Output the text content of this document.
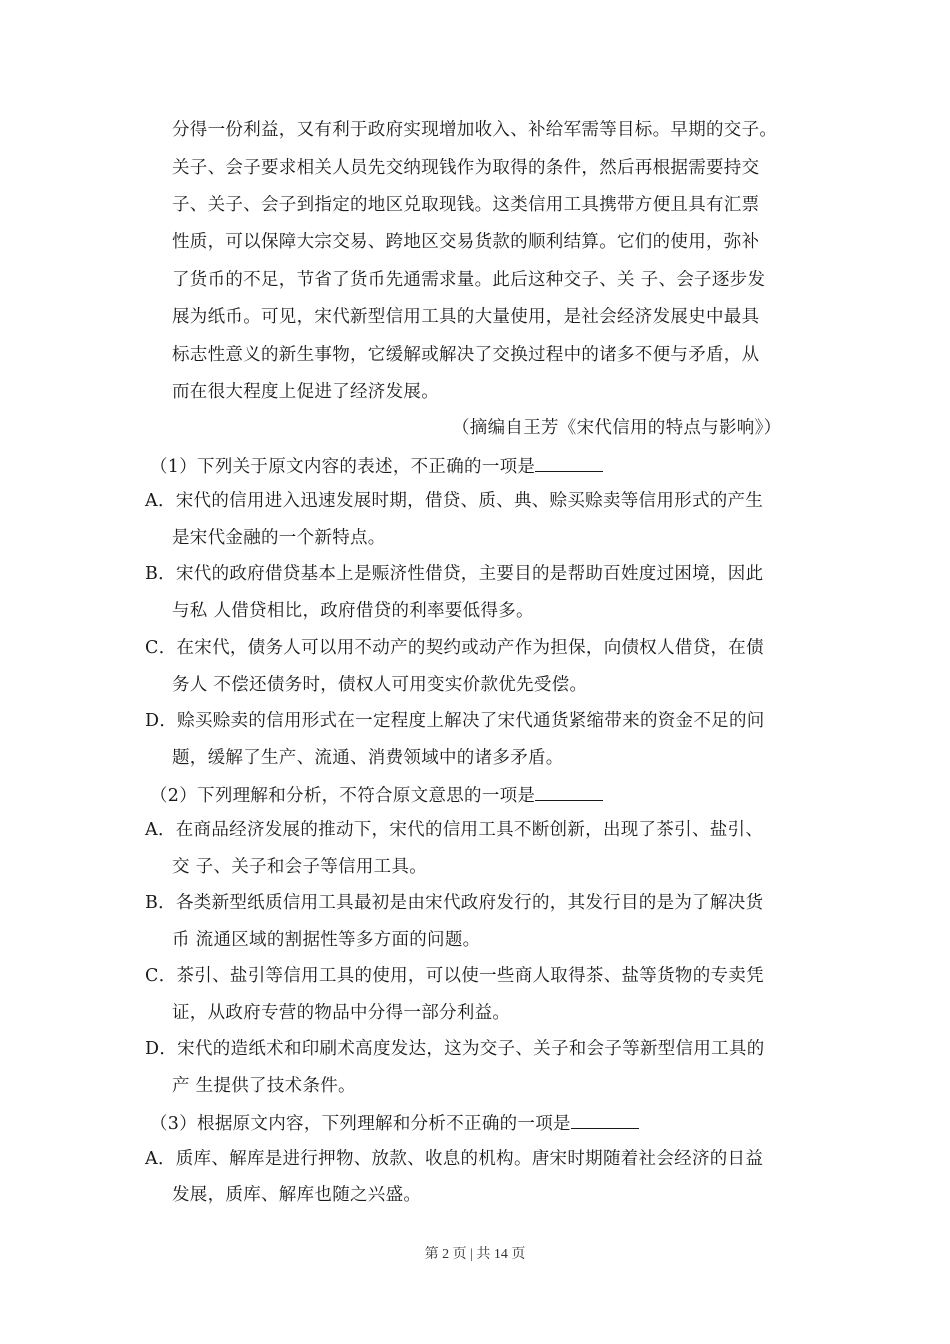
分得一份利益，又有利于政府实现增加收入、补给军需等目标。早期的交子。
关子、会子要求相关人员先交纳现钱作为取得的条件，然后再根据需要持交
子、关子、会子到指定的地区兑取现钱。这类信用工具携带方便且具有汇票
性质，可以保障大宗交易、跨地区交易货款的顺利结算。它们的使用，弥补
了货币的不足，节省了货币先通需求量。此后这种交子、关 子、会子逐步发
展为纸币。可见，宋代新型信用工具的大量使用，是社会经济发展史中最具
标志性意义的新生事物，它缓解或解决了交换过程中的诸多不便与矛盾，从
而在很大程度上促进了经济发展。
（摘编自王芳《宋代信用的特点与影响》）
（1）下列关于原文内容的表述，不正确的一项是
A．宋代的信用进入迅速发展时期，借贷、质、典、赊买赊卖等信用形式的产生
是宋代金融的一个新特点。
B．宋代的政府借贷基本上是赈济性借贷，主要目的是帮助百姓度过困境，因此
与私 人借贷相比，政府借贷的利率要低得多。
C．在宋代，债务人可以用不动产的契约或动产作为担保，向债权人借贷，在债
务人 不偿还债务时，债权人可用变实价款优先受偿。
D．赊买赊卖的信用形式在一定程度上解决了宋代通货紧缩带来的资金不足的问
题，缓解了生产、流通、消费领域中的诸多矛盾。
（2）下列理解和分析，不符合原文意思的一项是
A．在商品经济发展的推动下，宋代的信用工具不断创新，出现了茶引、盐引、
交 子、关子和会子等信用工具。
B．各类新型纸质信用工具最初是由宋代政府发行的，其发行目的是为了解决货
币 流通区域的割据性等多方面的问题。
C．茶引、盐引等信用工具的使用，可以使一些商人取得茶、盐等货物的专卖凭
证，从政府专营的物品中分得一部分利益。
D．宋代的造纸术和印刷术高度发达，这为交子、关子和会子等新型信用工具的
产 生提供了技术条件。
（3）根据原文内容，下列理解和分析不正确的一项是
A．质库、解库是进行押物、放款、收息的机构。唐宋时期随着社会经济的日益
发展，质库、解库也随之兴盛。
第 2 页 | 共 14 页
